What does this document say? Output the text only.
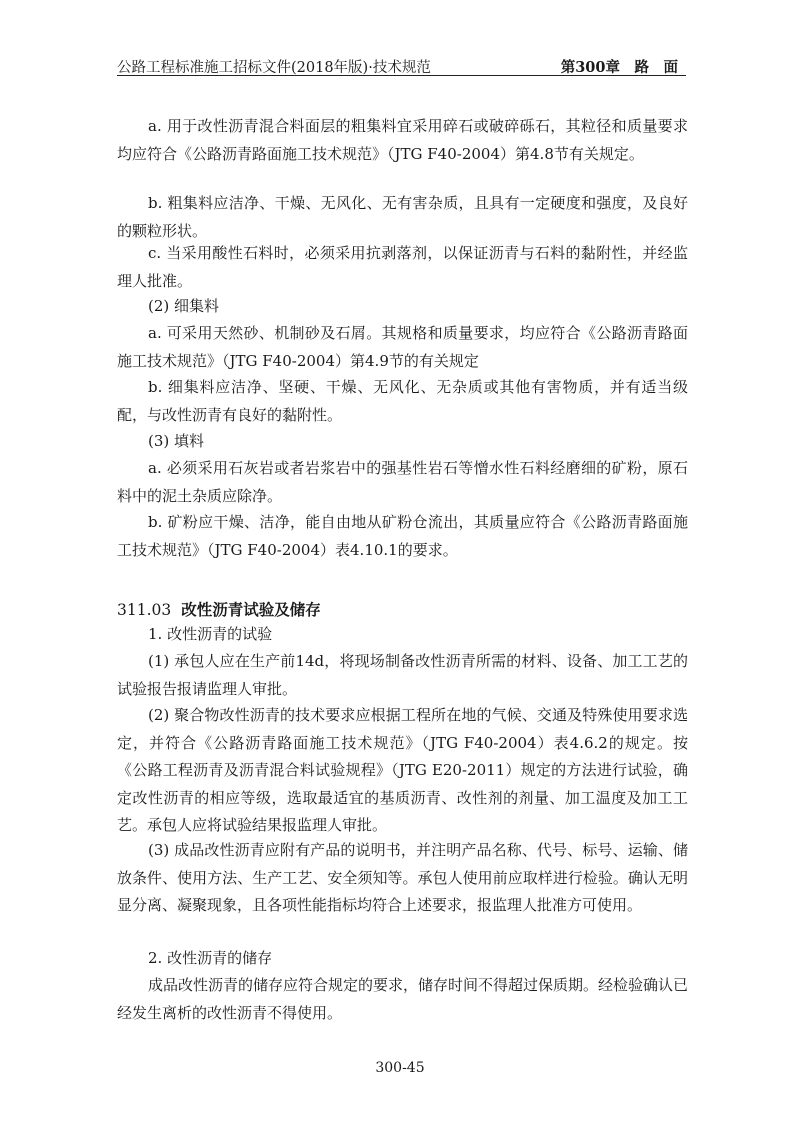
公路工程标准施工招标文件(2018年版)·技术规范	第300章　路　面

a. 用于改性沥青混合料面层的粗集料宜采用碎石或破碎砾石，其粒径和质量要求均应符合《公路沥青路面施工技术规范》（JTG F40-2004）第4.8节有关规定。

b. 粗集料应洁净、干燥、无风化、无有害杂质，且具有一定硬度和强度，及良好的颗粒形状。

c. 当采用酸性石料时，必须采用抗剥落剂，以保证沥青与石料的黏附性，并经监理人批准。

(2) 细集料

a. 可采用天然砂、机制砂及石屑。其规格和质量要求，均应符合《公路沥青路面施工技术规范》（JTG F40-2004）第4.9节的有关规定

b. 细集料应洁净、坚硬、干燥、无风化、无杂质或其他有害物质，并有适当级配，与改性沥青有良好的黏附性。

(3) 填料

a. 必须采用石灰岩或者岩浆岩中的强基性岩石等憎水性石料经磨细的矿粉，原石料中的泥土杂质应除净。

b. 矿粉应干燥、洁净，能自由地从矿粉仓流出，其质量应符合《公路沥青路面施工技术规范》（JTG F40-2004）表4.10.1的要求。

311.03 改性沥青试验及储存

1. 改性沥青的试验

(1) 承包人应在生产前14d，将现场制备改性沥青所需的材料、设备、加工工艺的试验报告报请监理人审批。

(2) 聚合物改性沥青的技术要求应根据工程所在地的气候、交通及特殊使用要求选定，并符合《公路沥青路面施工技术规范》（JTG F40-2004）表4.6.2的规定。按《公路工程沥青及沥青混合料试验规程》（JTG E20-2011）规定的方法进行试验，确定改性沥青的相应等级，选取最适宜的基质沥青、改性剂的剂量、加工温度及加工工艺。承包人应将试验结果报监理人审批。

(3) 成品改性沥青应附有产品的说明书，并注明产品名称、代号、标号、运输、储放条件、使用方法、生产工艺、安全须知等。承包人使用前应取样进行检验。确认无明显分离、凝聚现象，且各项性能指标均符合上述要求，报监理人批准方可使用。

2. 改性沥青的储存

成品改性沥青的储存应符合规定的要求，储存时间不得超过保质期。经检验确认已经发生离析的改性沥青不得使用。

300-45
